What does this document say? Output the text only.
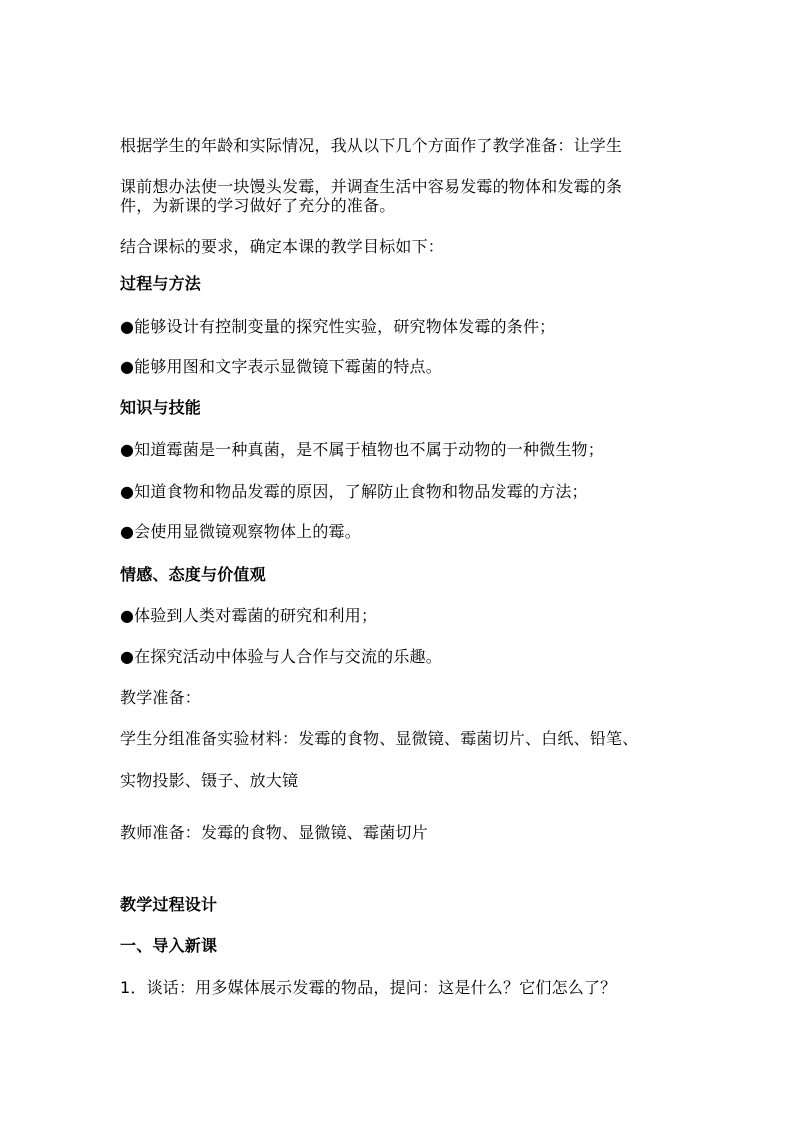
根据学生的年龄和实际情况，我从以下几个方面作了教学准备：让学生
课前想办法使一块馒头发霉，并调查生活中容易发霉的物体和发霉的条
件，为新课的学习做好了充分的准备。
结合课标的要求，确定本课的教学目标如下：
过程与方法
●能够设计有控制变量的探究性实验，研究物体发霉的条件；
●能够用图和文字表示显微镜下霉菌的特点。
知识与技能
●知道霉菌是一种真菌，是不属于植物也不属于动物的一种微生物；
●知道食物和物品发霉的原因，了解防止食物和物品发霉的方法；
●会使用显微镜观察物体上的霉。
情感、态度与价值观
●体验到人类对霉菌的研究和利用；
●在探究活动中体验与人合作与交流的乐趣。
教学准备：
学生分组准备实验材料：发霉的食物、显微镜、霉菌切片、白纸、铅笔、
实物投影、镊子、放大镜
教师准备：发霉的食物、显微镜、霉菌切片
教学过程设计
一、导入新课
1．谈话：用多媒体展示发霉的物品，提问：这是什么？它们怎么了？
